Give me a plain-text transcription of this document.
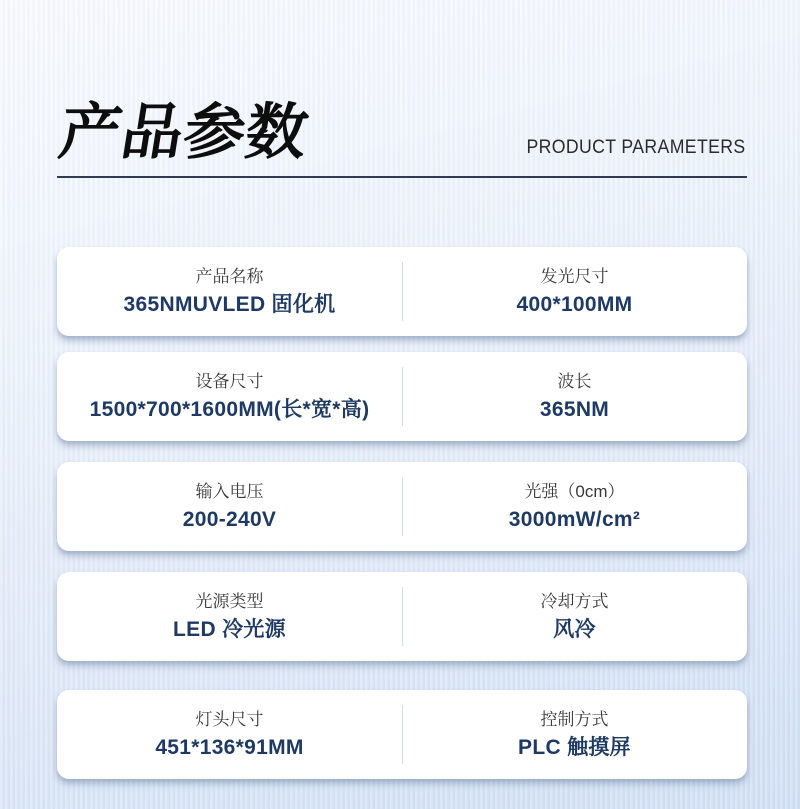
产品参数	PRODUCT PARAMETERS
产品名称
365NMUVLED 固化机
发光尺寸
400*100MM
设备尺寸
1500*700*1600MM(长*宽*高)
波长
365NM
输入电压
200-240V
光强（0cm）
3000mW/cm²
光源类型
LED 冷光源
冷却方式
风冷
灯头尺寸
451*136*91MM
控制方式
PLC 触摸屏
